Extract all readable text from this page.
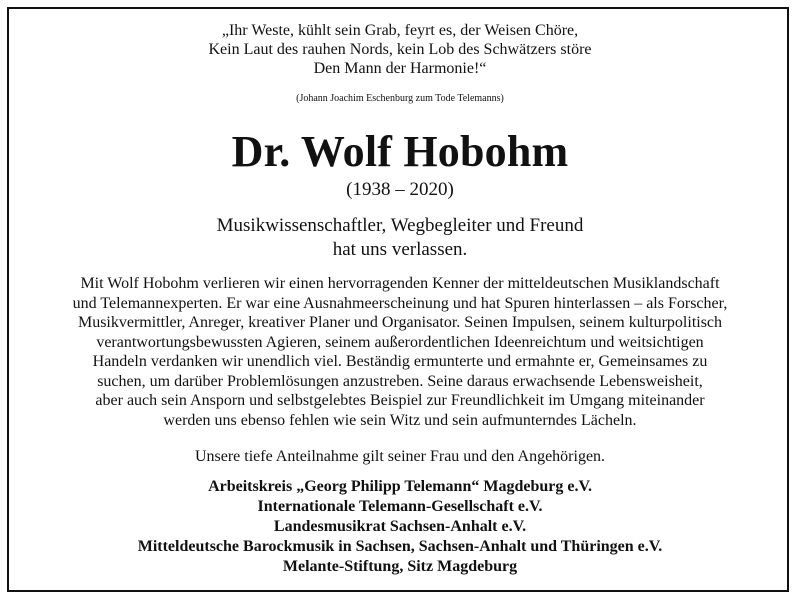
„Ihr Weste, kühlt sein Grab, feyrt es, der Weisen Chöre,
Kein Laut des rauhen Nords, kein Lob des Schwätzers störe
Den Mann der Harmonie!“
(Johann Joachim Eschenburg zum Tode Telemanns)
Dr. Wolf Hobohm
(1938 – 2020)
Musikwissenschaftler, Wegbegleiter und Freund
hat uns verlassen.
Mit Wolf Hobohm verlieren wir einen hervorragenden Kenner der mitteldeutschen Musiklandschaft
und Telemannexperten. Er war eine Ausnahmeerscheinung und hat Spuren hinterlassen – als Forscher,
Musikvermittler, Anreger, kreativer Planer und Organisator. Seinen Impulsen, seinem kulturpolitisch
verantwortungsbewussten Agieren, seinem außerordentlichen Ideenreichtum und weitsichtigen
Handeln verdanken wir unendlich viel. Beständig ermunterte und ermahnte er, Gemeinsames zu
suchen, um darüber Problemlösungen anzustreben. Seine daraus erwachsende Lebensweisheit,
aber auch sein Ansporn und selbstgelebtes Beispiel zur Freundlichkeit im Umgang miteinander
werden uns ebenso fehlen wie sein Witz und sein aufmunterndes Lächeln.
Unsere tiefe Anteilnahme gilt seiner Frau und den Angehörigen.
Arbeitskreis „Georg Philipp Telemann“ Magdeburg e.V.
Internationale Telemann-Gesellschaft e.V.
Landesmusikrat Sachsen-Anhalt e.V.
Mitteldeutsche Barockmusik in Sachsen, Sachsen-Anhalt und Thüringen e.V.
Melante-Stiftung, Sitz Magdeburg
